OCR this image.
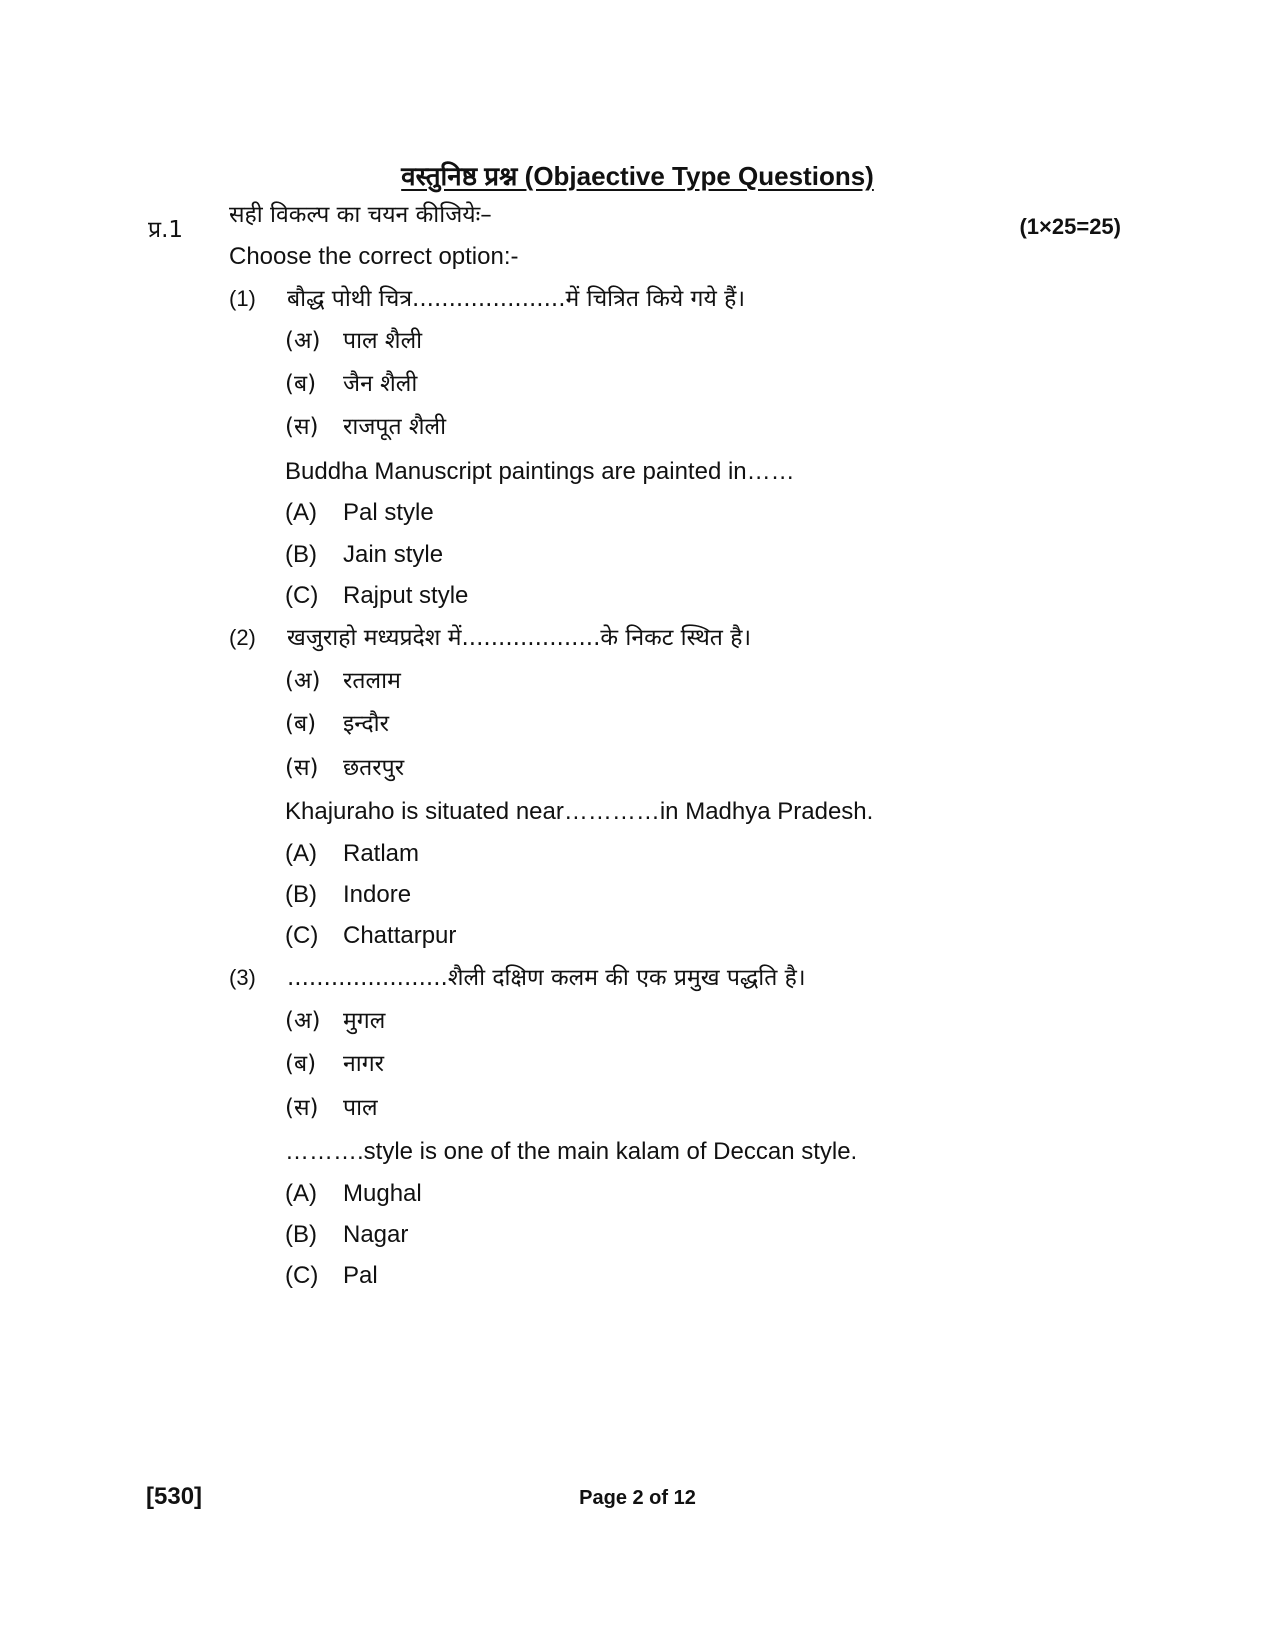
वस्तुनिष्ठ प्रश्न (Objaective Type Questions)
प्र.1
सही विकल्प का चयन कीजियेः–	(1×25=25)
Choose the correct option:-
(1) बौद्ध पोथी चित्र.....................में चित्रित किये गये हैं।
(अ) पाल शैली
(ब) जैन शैली
(स) राजपूत शैली
Buddha Manuscript paintings are painted in……
(A) Pal style
(B) Jain style
(C) Rajput style
(2) खजुराहो मध्यप्रदेश में...................के निकट स्थित है।
(अ) रतलाम
(ब) इन्दौर
(स) छतरपुर
Khajuraho is situated near…………in Madhya Pradesh.
(A) Ratlam
(B) Indore
(C) Chattarpur
(3) ......................शैली दक्षिण कलम की एक प्रमुख पद्धति है।
(अ) मुगल
(ब) नागर
(स) पाल
……….style is one of the main kalam of Deccan style.
(A) Mughal
(B) Nagar
(C) Pal
[530]	Page 2 of 12
